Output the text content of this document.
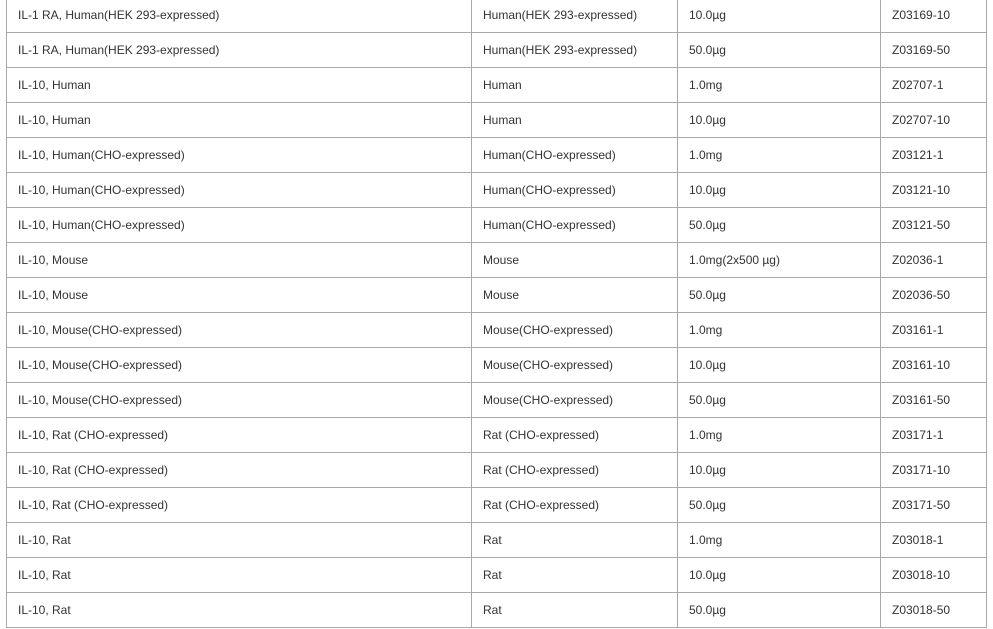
IL-1 RA, Human(HEK 293-expressed)	Human(HEK 293-expressed)	10.0µg	Z03169-10
IL-1 RA, Human(HEK 293-expressed)	Human(HEK 293-expressed)	50.0µg	Z03169-50
IL-10, Human	Human	1.0mg	Z02707-1
IL-10, Human	Human	10.0µg	Z02707-10
IL-10, Human(CHO-expressed)	Human(CHO-expressed)	1.0mg	Z03121-1
IL-10, Human(CHO-expressed)	Human(CHO-expressed)	10.0µg	Z03121-10
IL-10, Human(CHO-expressed)	Human(CHO-expressed)	50.0µg	Z03121-50
IL-10, Mouse	Mouse	1.0mg(2x500 µg)	Z02036-1
IL-10, Mouse	Mouse	50.0µg	Z02036-50
IL-10, Mouse(CHO-expressed)	Mouse(CHO-expressed)	1.0mg	Z03161-1
IL-10, Mouse(CHO-expressed)	Mouse(CHO-expressed)	10.0µg	Z03161-10
IL-10, Mouse(CHO-expressed)	Mouse(CHO-expressed)	50.0µg	Z03161-50
IL-10, Rat (CHO-expressed)	Rat (CHO-expressed)	1.0mg	Z03171-1
IL-10, Rat (CHO-expressed)	Rat (CHO-expressed)	10.0µg	Z03171-10
IL-10, Rat (CHO-expressed)	Rat (CHO-expressed)	50.0µg	Z03171-50
IL-10, Rat	Rat	1.0mg	Z03018-1
IL-10, Rat	Rat	10.0µg	Z03018-10
IL-10, Rat	Rat	50.0µg	Z03018-50
